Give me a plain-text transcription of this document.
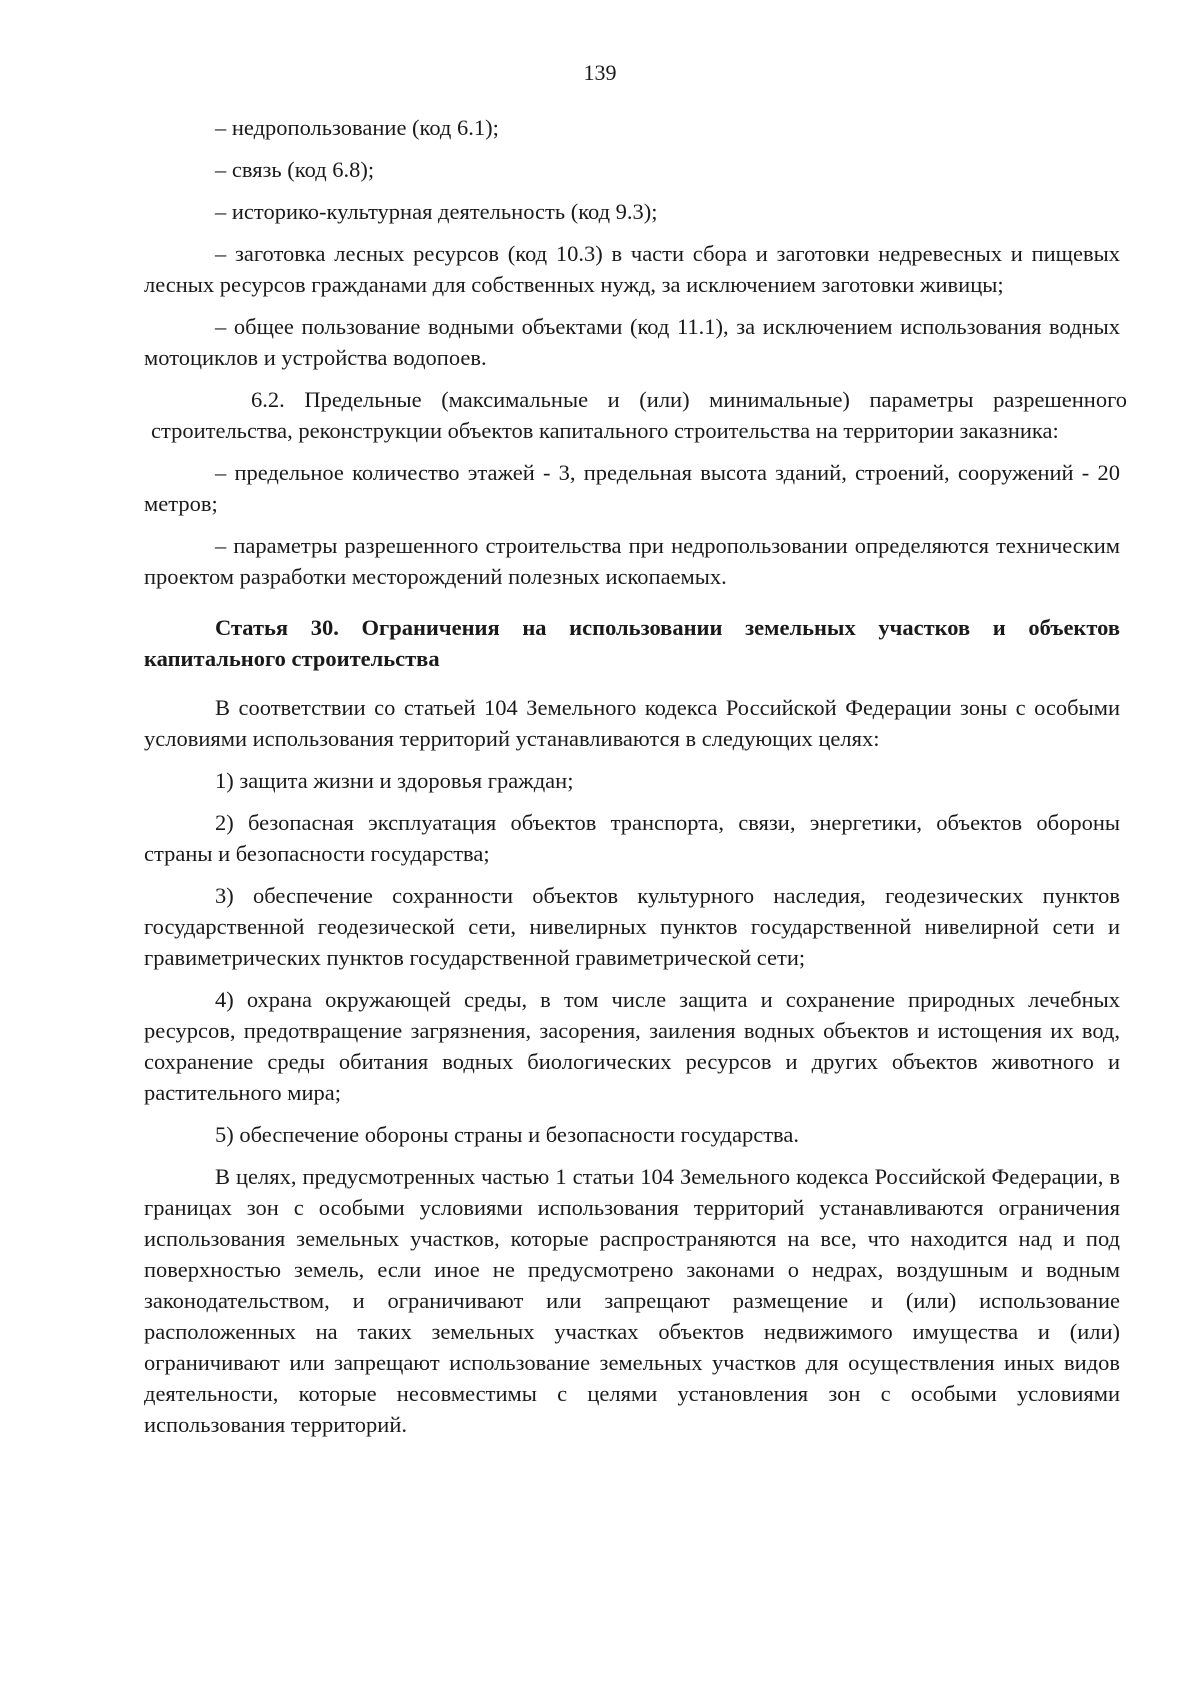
139

– недропользование (код 6.1);

– связь (код 6.8);

– историко-культурная деятельность (код 9.3);

– заготовка лесных ресурсов (код 10.3) в части сбора и заготовки недревесных и пищевых лесных ресурсов гражданами для собственных нужд, за исключением заготовки живицы;

– общее пользование водными объектами (код 11.1), за исключением использования водных мотоциклов и устройства водопоев.

6.2. Предельные (максимальные и (или) минимальные) параметры разрешенного строительства, реконструкции объектов капитального строительства на территории заказника:

– предельное количество этажей - 3, предельная высота зданий, строений, сооружений - 20 метров;

– параметры разрешенного строительства при недропользовании определяются техническим проектом разработки месторождений полезных ископаемых.

Статья 30. Ограничения на использовании земельных участков и объектов капитального строительства

В соответствии со статьей 104 Земельного кодекса Российской Федерации зоны с особыми условиями использования территорий устанавливаются в следующих целях:

1) защита жизни и здоровья граждан;

2) безопасная эксплуатация объектов транспорта, связи, энергетики, объектов обороны страны и безопасности государства;

3) обеспечение сохранности объектов культурного наследия, геодезических пунктов государственной геодезической сети, нивелирных пунктов государственной нивелирной сети и гравиметрических пунктов государственной гравиметрической сети;

4) охрана окружающей среды, в том числе защита и сохранение природных лечебных ресурсов, предотвращение загрязнения, засорения, заиления водных объектов и истощения их вод, сохранение среды обитания водных биологических ресурсов и других объектов животного и растительного мира;

5) обеспечение обороны страны и безопасности государства.

В целях, предусмотренных частью 1 статьи 104 Земельного кодекса Российской Федерации, в границах зон с особыми условиями использования территорий устанавливаются ограничения использования земельных участков, которые распространяются на все, что находится над и под поверхностью земель, если иное не предусмотрено законами о недрах, воздушным и водным законодательством, и ограничивают или запрещают размещение и (или) использование расположенных на таких земельных участках объектов недвижимого имущества и (или) ограничивают или запрещают использование земельных участков для осуществления иных видов деятельности, которые несовместимы с целями установления зон с особыми условиями использования территорий.
